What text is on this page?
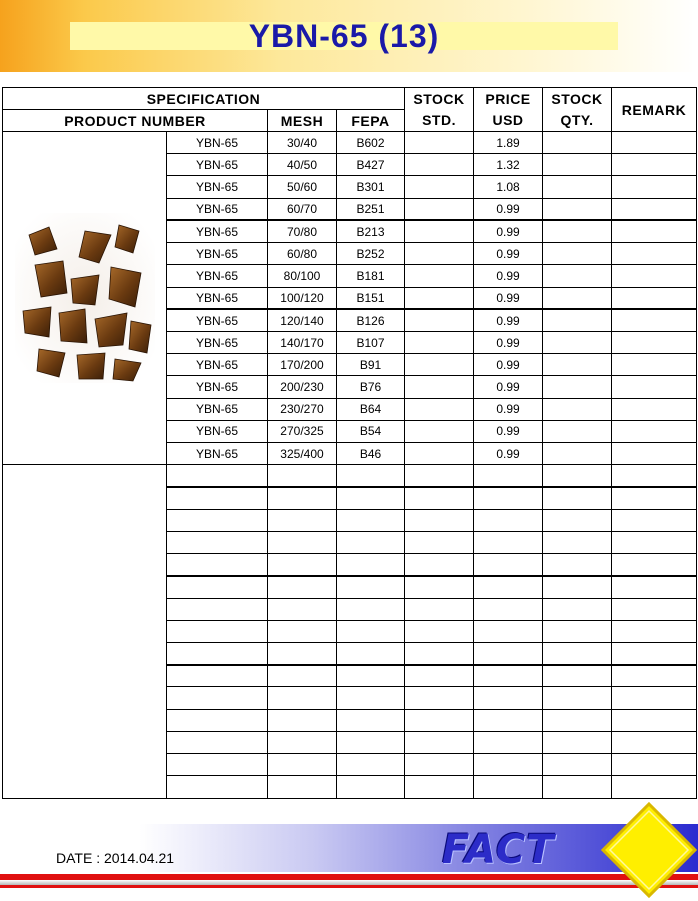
YBN-65 (13)
SPECIFICATION				STOCK	PRICE	STOCK	REMARK
PRODUCT NUMBER		MESH	FEPA	STD.	USD	QTY.	

	YBN-65	30/40	B602		1.89		
	YBN-65	40/50	B427		1.32		
	YBN-65	50/60	B301		1.08		
	YBN-65	60/70	B251		0.99		
	YBN-65	70/80	B213		0.99		
	YBN-65	60/80	B252		0.99		
	YBN-65	80/100	B181		0.99		
	YBN-65	100/120	B151		0.99		
	YBN-65	120/140	B126		0.99		
	YBN-65	140/170	B107		0.99		
	YBN-65	170/200	B91		0.99		
	YBN-65	200/230	B76		0.99		
	YBN-65	230/270	B64		0.99		
	YBN-65	270/325	B54		0.99		
	YBN-65	325/400	B46		0.99		

DATE : 2014.04.21	FACT
